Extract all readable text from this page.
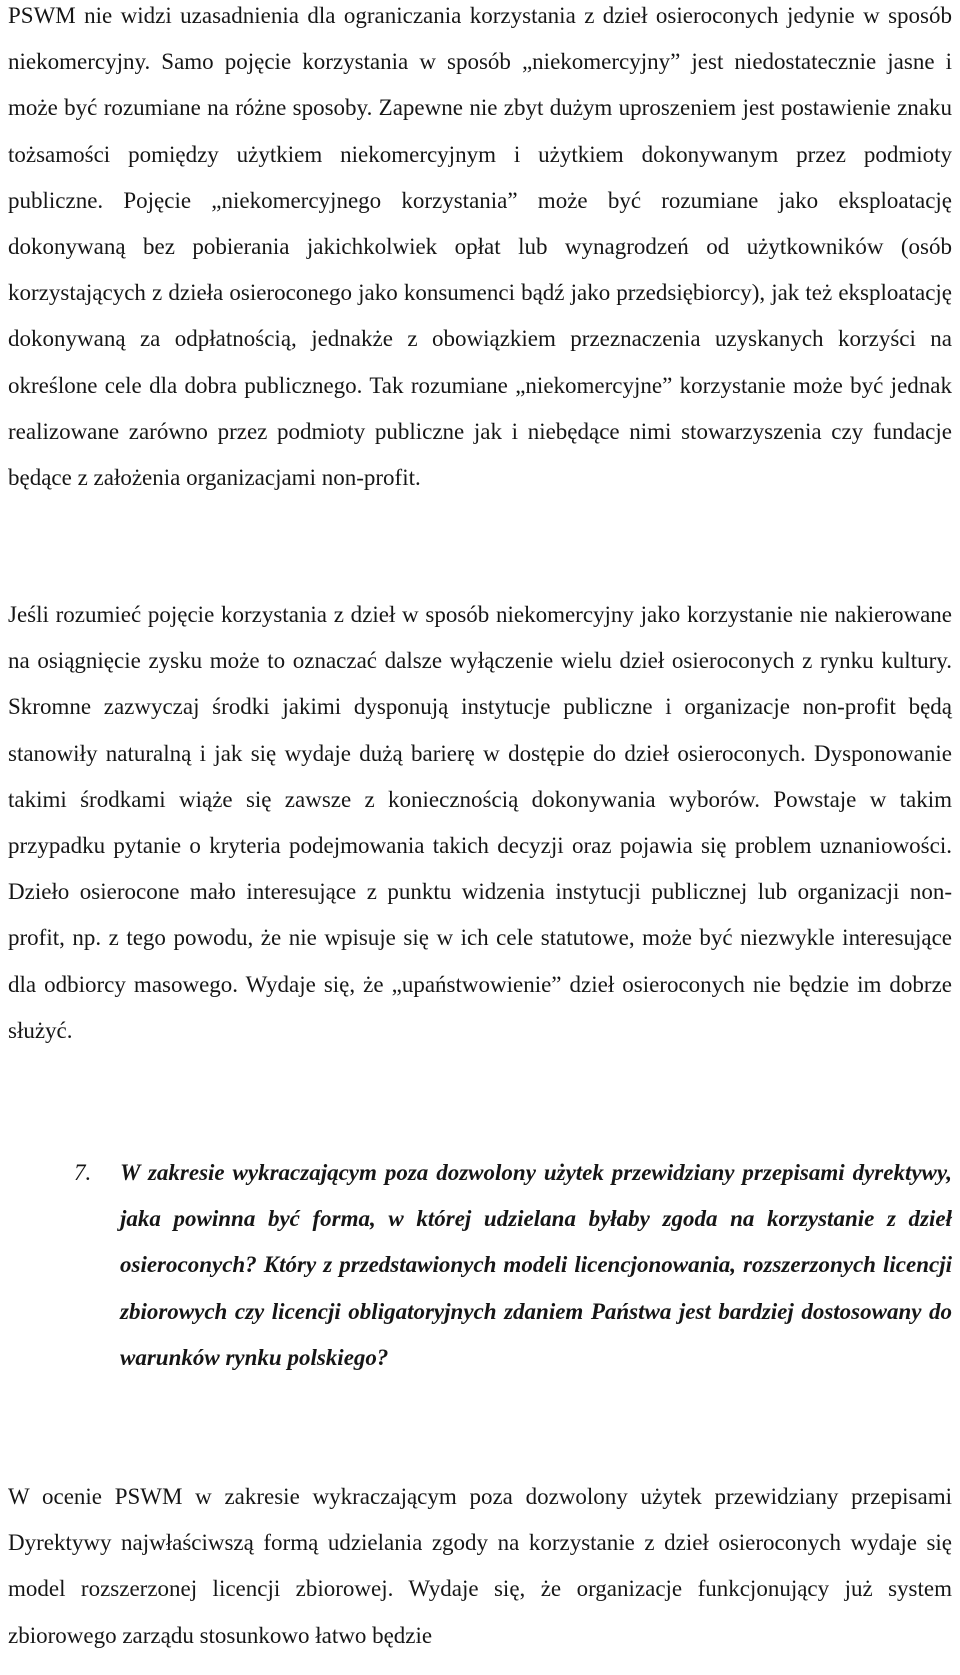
PSWM nie widzi uzasadnienia dla ograniczania korzystania z dzieł osieroconych jedynie w sposób niekomercyjny. Samo pojęcie korzystania w sposób „niekomercyjny” jest niedostatecznie jasne i może być rozumiane na różne sposoby. Zapewne nie zbyt dużym uproszeniem jest postawienie znaku tożsamości pomiędzy użytkiem niekomercyjnym i użytkiem dokonywanym przez podmioty publiczne. Pojęcie „niekomercyjnego korzystania” może być rozumiane jako eksploatację dokonywaną bez pobierania jakichkolwiek opłat lub wynagrodzeń od użytkowników (osób korzystających z dzieła osieroconego jako konsumenci bądź jako przedsiębiorcy), jak też eksploatację dokonywaną za odpłatnością, jednakże z obowiązkiem przeznaczenia uzyskanych korzyści na określone cele dla dobra publicznego. Tak rozumiane „niekomercyjne” korzystanie może być jednak realizowane zarówno przez podmioty publiczne jak i niebędące nimi stowarzyszenia czy fundacje będące z założenia organizacjami non-profit.

Jeśli rozumieć pojęcie korzystania z dzieł w sposób niekomercyjny jako korzystanie nie nakierowane na osiągnięcie zysku może to oznaczać dalsze wyłączenie wielu dzieł osieroconych z rynku kultury. Skromne zazwyczaj środki jakimi dysponują instytucje publiczne i organizacje non-profit będą stanowiły naturalną i jak się wydaje dużą barierę w dostępie do dzieł osieroconych. Dysponowanie takimi środkami wiąże się zawsze z koniecznością dokonywania wyborów. Powstaje w takim przypadku pytanie o kryteria podejmowania takich decyzji oraz pojawia się problem uznaniowości. Dzieło osierocone mało interesujące z punktu widzenia instytucji publicznej lub organizacji non-profit, np. z tego powodu, że nie wpisuje się w ich cele statutowe, może być niezwykle interesujące dla odbiorcy masowego. Wydaje się, że „upaństwowienie” dzieł osieroconych nie będzie im dobrze służyć.

7. W zakresie wykraczającym poza dozwolony użytek przewidziany przepisami dyrektywy, jaka powinna być forma, w której udzielana byłaby zgoda na korzystanie z dzieł osieroconych? Który z przedstawionych modeli licencjonowania, rozszerzonych licencji zbiorowych czy licencji obligatoryjnych zdaniem Państwa jest bardziej dostosowany do warunków rynku polskiego?

W ocenie PSWM w zakresie wykraczającym poza dozwolony użytek przewidziany przepisami Dyrektywy najwłaściwszą formą udzielania zgody na korzystanie z dzieł osieroconych wydaje się model rozszerzonej licencji zbiorowej. Wydaje się, że organizacje funkcjonujący już system zbiorowego zarządu stosunkowo łatwo będzie
